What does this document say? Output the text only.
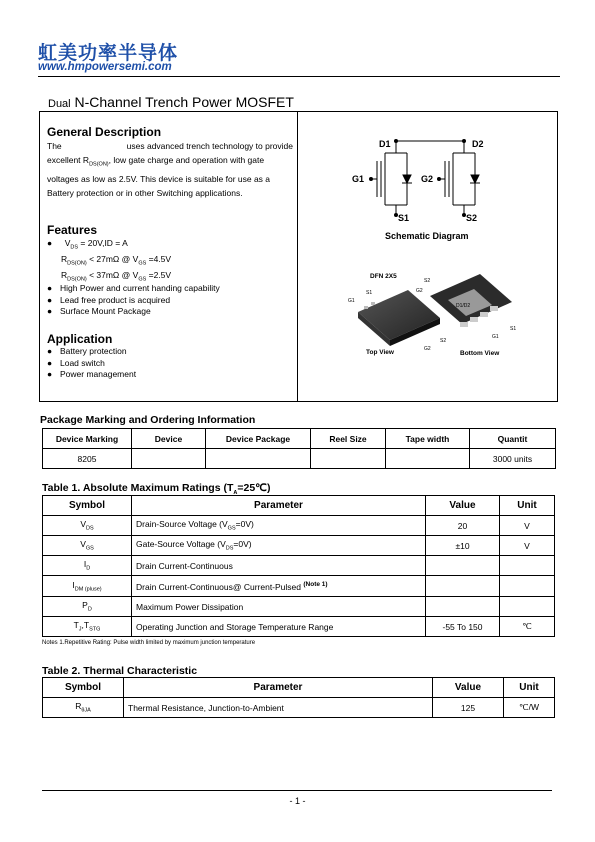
虹美功率半导体
www.hmpowersemi.com
Dual N-Channel Trench Power MOSFET
General Description
The	uses advanced trench technology to provide
excellent $R_{DS(ON)}$, low gate charge and operation with gate
voltages as low as 2.5V. This device is suitable for use as a
Battery protection or in other Switching applications.
Features
● $V_{DS} = 20V,ID = A$
$R_{DS(ON)} < 27m\Omega$ @ $V_{GS} =4.5V$
$R_{DS(ON)} < 37m\Omega$ @ $V_{GS} =2.5V$
● High Power and current handing capability
● Lead free product is acquired
● Surface Mount Package
Application
● Battery protection
● Load switch
● Power management
D1	D2
G1	G2
S1	S2
Schematic Diagram
DFN 2X5
D1/D2
S1
G1
S2
G2
S1
G1
S2
G2
Top View	Bottom View
Package Marking and Ordering Information
Device Marking	Device	Device Package	Reel Size	Tape width	Quantit
8205					3000 units
Table 1. Absolute Maximum Ratings $(T_A=25℃)$
Symbol	Parameter	Value	Unit
$V_{DS}$	Drain-Source Voltage $(V_{GS}=0V)$	20	V
$V_{GS}$	Gate-Source Voltage $(V_{DS}=0V)$	±10	V
$I_D$	Drain Current-Continuous		
$I_{DM (pluse)}$	Drain Current-Continuous@ Current-Pulsed $^{(Note 1)}$		
$P_D$	Maximum Power Dissipation		
$T_J,T_{STG}$	Operating Junction and Storage Temperature Range	-55 To 150	℃
Notes 1.Repetitive Rating: Pulse width limited by maximum junction temperature
Table 2. Thermal Characteristic
Symbol	Parameter	Value	Unit
$R_{\theta JA}$	Thermal Resistance, Junction-to-Ambient	125	℃/W
- 1 -
